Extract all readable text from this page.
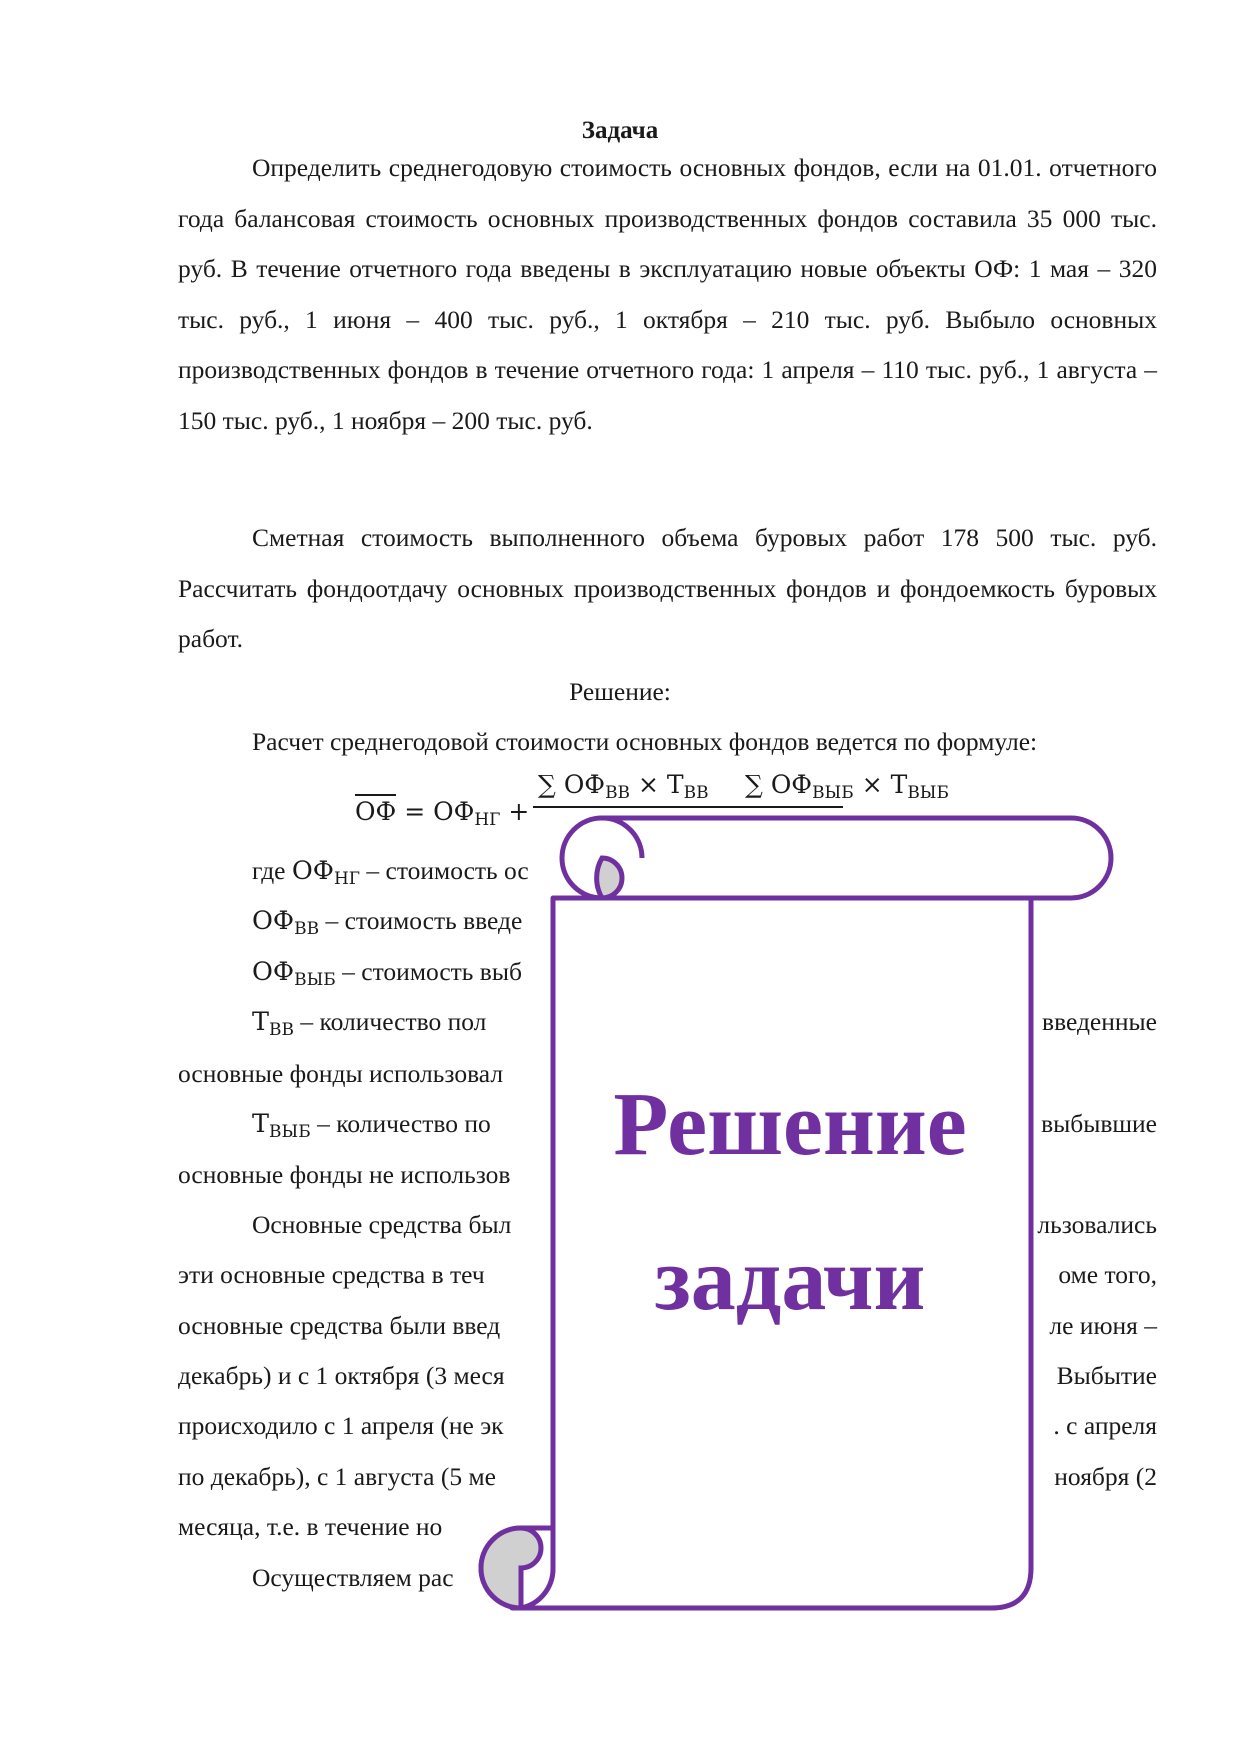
Задача

Определить среднегодовую стоимость основных фондов, если на 01.01. отчетного года балансовая стоимость основных производственных фондов составила 35 000 тыс. руб. В течение отчетного года введены в эксплуатацию новые объекты ОФ: 1 мая – 320 тыс. руб., 1 июня – 400 тыс. руб., 1 октября – 210 тыс. руб. Выбыло основных производственных фондов в течение отчетного года: 1 апреля – 110 тыс. руб., 1 августа – 150 тыс. руб., 1 ноября – 200 тыс. руб.

Сметная стоимость выполненного объема буровых работ 178 500 тыс. руб. Рассчитать фондоотдачу основных производственных фондов и фондоемкость буровых работ.

Решение:

Расчет среднегодовой стоимости основных фондов ведется по формуле:

ОФ = $ОФ_{НГ}$ +
∑ $ОФ_{ВВ} \times Т_{ВВ}$ ∑ $ОФ_{ВЫБ} \times Т_{ВЫБ}$
где $ОФ_{НГ}$ – стоимость ос
$ОФ_{ВВ}$ – стоимость введе
$ОФ_{ВЫБ}$ – стоимость выб
$Т_{ВВ}$ – количество пол
$Т_{ВЫБ}$ – количество по
основные фонды использовал
основные фонды не использов
Основные средства был
эти основные средства в теч
основные средства были введ
декабрь) и с 1 октября (3 меся
происходило с 1 апреля (не эк
по декабрь), с 1 августа (5 ме
месяца, т.е. в течение но
Осуществляем рас
введенные
выбывшие
льзовались
оме того,
ле июня –
Выбытие
. с апреля
ноября (2
Решение
задачи
